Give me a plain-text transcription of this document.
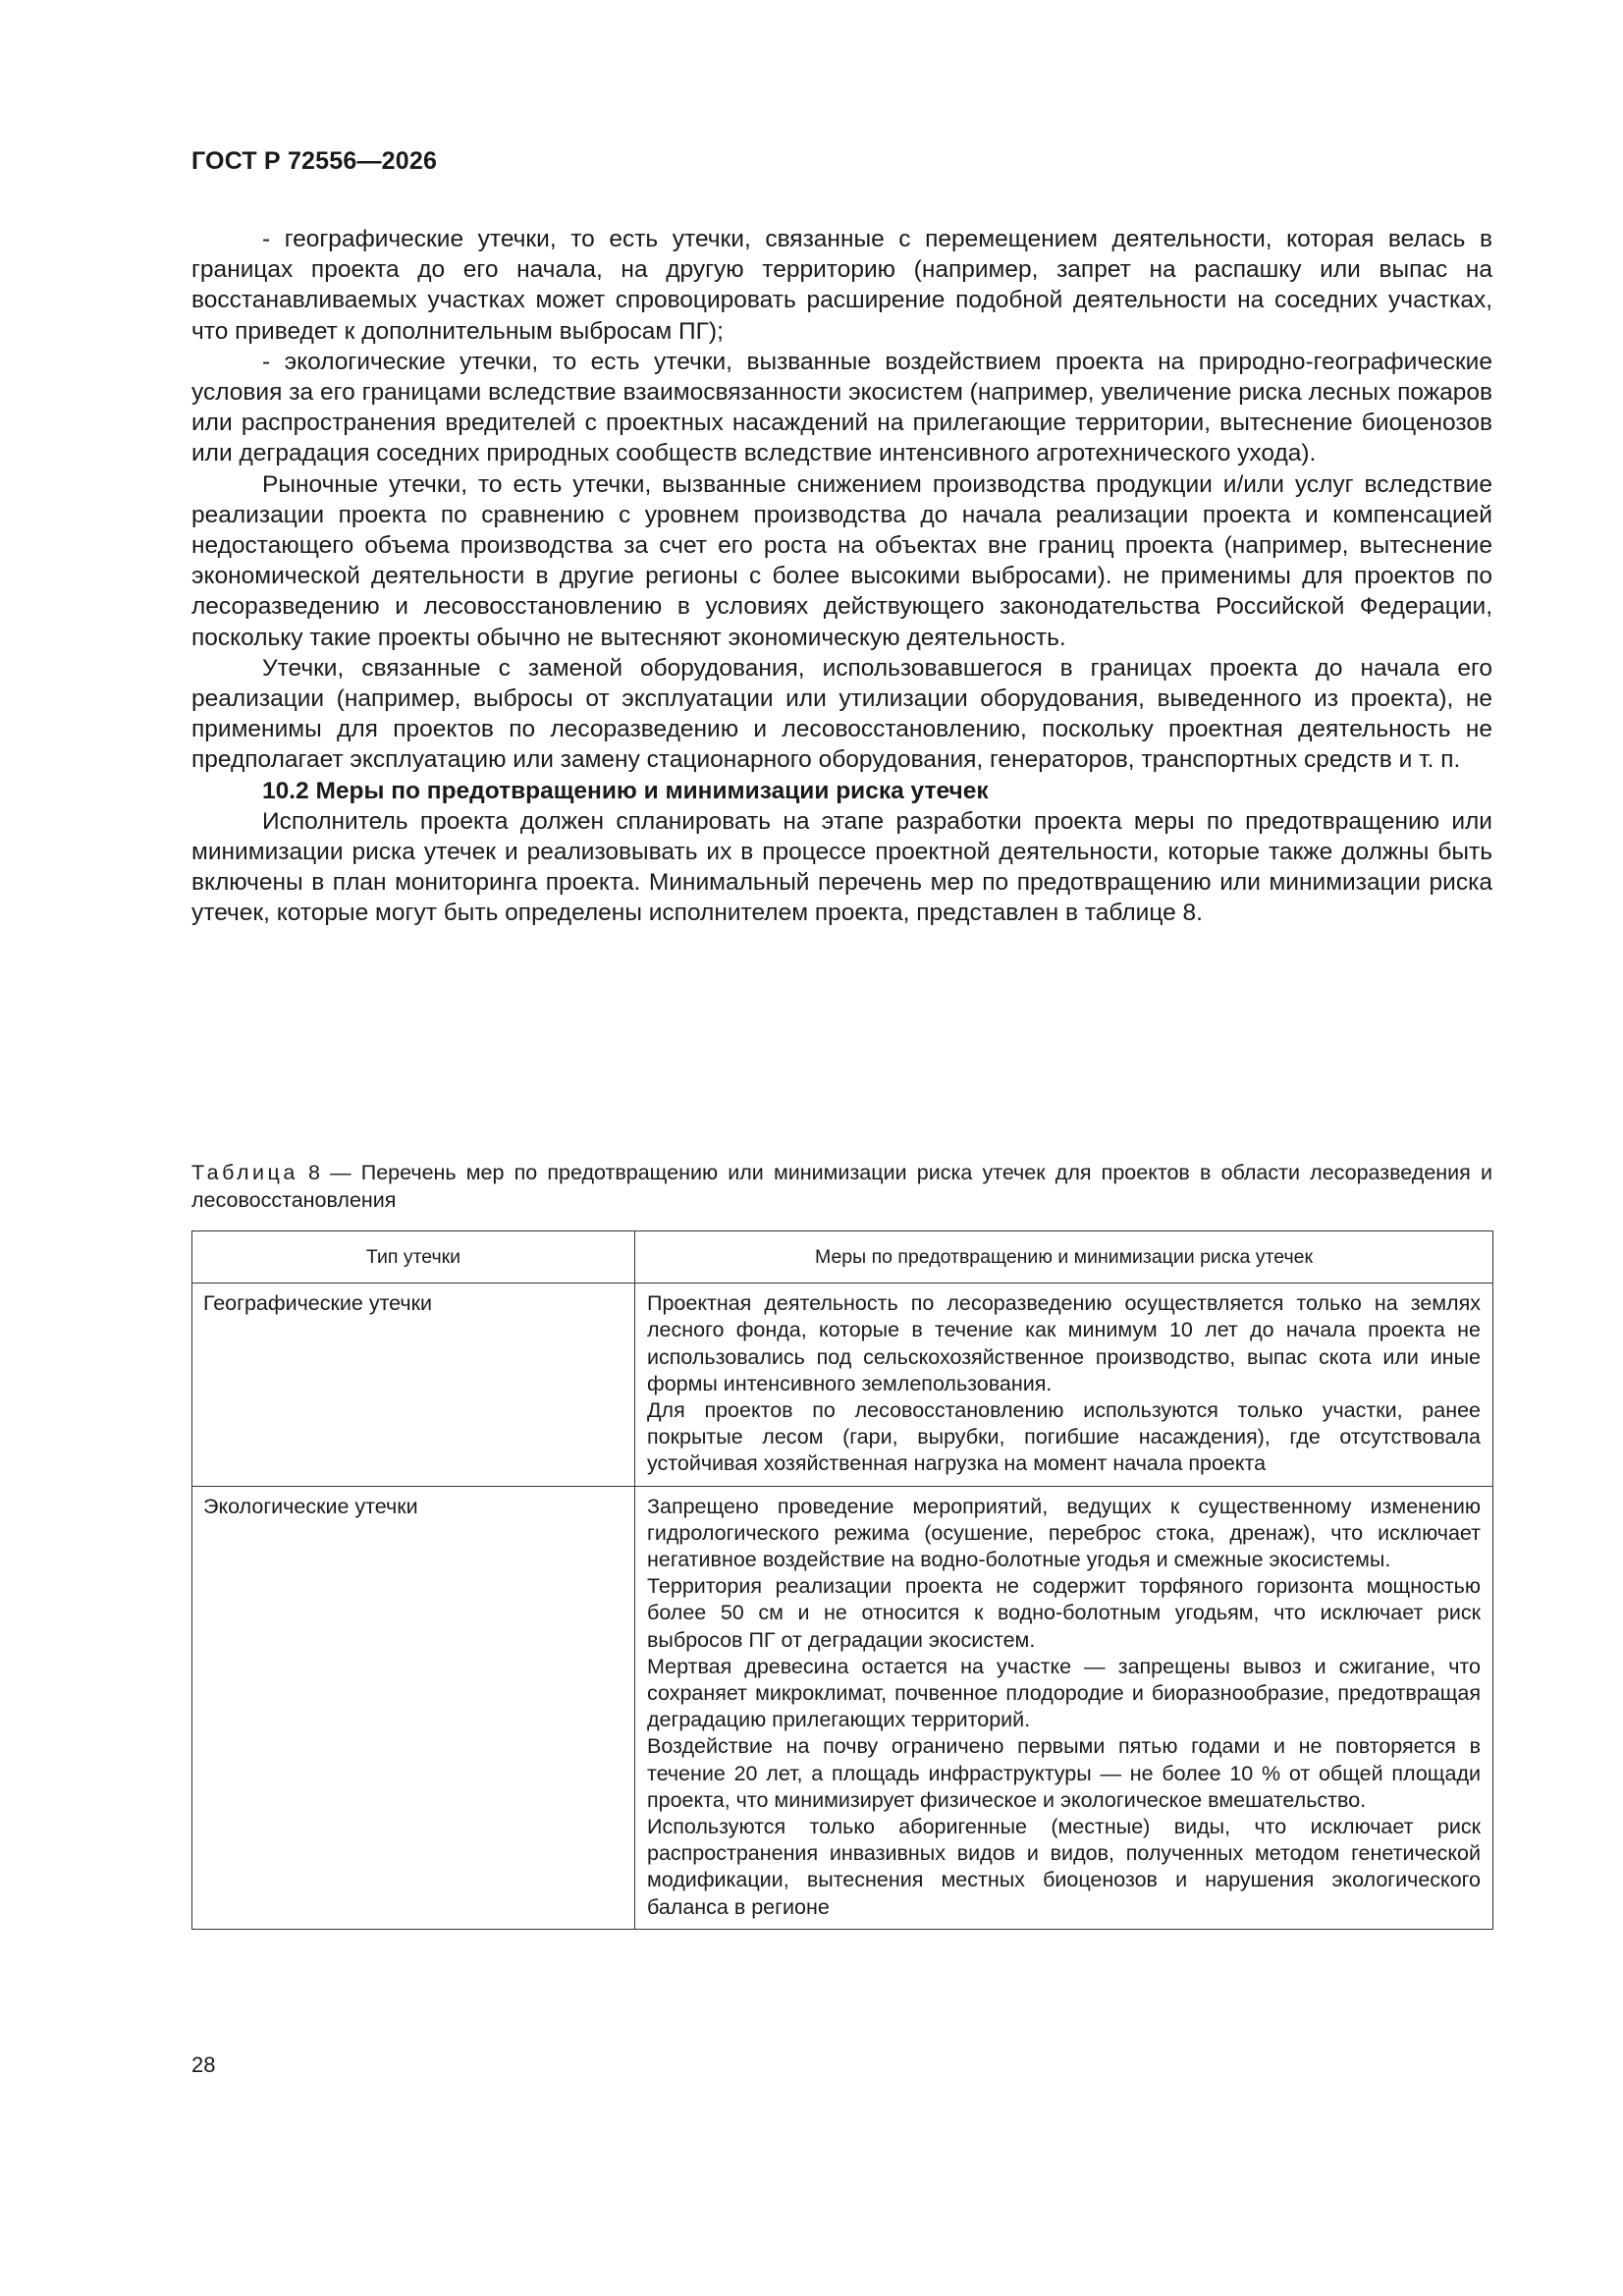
ГОСТ Р 72556—2026

- географические утечки, то есть утечки, связанные с перемещением деятельности, которая велась в границах проекта до его начала, на другую территорию (например, запрет на распашку или выпас на восстанавливаемых участках может спровоцировать расширение подобной деятельности на соседних участках, что приведет к дополнительным выбросам ПГ);

- экологические утечки, то есть утечки, вызванные воздействием проекта на природно-географические условия за его границами вследствие взаимосвязанности экосистем (например, увеличение риска лесных пожаров или распространения вредителей с проектных насаждений на прилегающие территории, вытеснение биоценозов или деградация соседних природных сообществ вследствие интенсивного агротехнического ухода).

Рыночные утечки, то есть утечки, вызванные снижением производства продукции и/или услуг вследствие реализации проекта по сравнению с уровнем производства до начала реализации проекта и компенсацией недостающего объема производства за счет его роста на объектах вне границ проекта (например, вытеснение экономической деятельности в другие регионы с более высокими выбросами). не применимы для проектов по лесоразведению и лесовосстановлению в условиях действующего законодательства Российской Федерации, поскольку такие проекты обычно не вытесняют экономическую деятельность.

Утечки, связанные с заменой оборудования, использовавшегося в границах проекта до начала его реализации (например, выбросы от эксплуатации или утилизации оборудования, выведенного из проекта), не применимы для проектов по лесоразведению и лесовосстановлению, поскольку проектная деятельность не предполагает эксплуатацию или замену стационарного оборудования, генераторов, транспортных средств и т. п.

10.2 Меры по предотвращению и минимизации риска утечек

Исполнитель проекта должен спланировать на этапе разработки проекта меры по предотвращению или минимизации риска утечек и реализовывать их в процессе проектной деятельности, которые также должны быть включены в план мониторинга проекта. Минимальный перечень мер по предотвращению или минимизации риска утечек, которые могут быть определены исполнителем проекта, представлен в таблице 8.

Таблица 8 — Перечень мер по предотвращению или минимизации риска утечек для проектов в области лесоразведения и лесовосстановления
Тип утечки	Меры по предотвращению и минимизации риска утечек
Географические утечки	Проектная деятельность по лесоразведению осуществляется только на землях лесного фонда, которые в течение как минимум 10 лет до начала проекта не использовались под сельскохозяйственное производство, выпас скота или иные формы интенсивного землепользования.

Для проектов по лесовосстановлению используются только участки, ранее покрытые лесом (гари, вырубки, погибшие насаждения), где отсутствовала устойчивая хозяйственная нагрузка на момент начала проекта

Экологические утечки	Запрещено проведение мероприятий, ведущих к существенному изменению гидрологического режима (осушение, переброс стока, дренаж), что исключает негативное воздействие на водно-болотные угодья и смежные экосистемы.

Территория реализации проекта не содержит торфяного горизонта мощностью более 50 см и не относится к водно-болотным угодьям, что исключает риск выбросов ПГ от деградации экосистем.

Мертвая древесина остается на участке — запрещены вывоз и сжигание, что сохраняет микроклимат, почвенное плодородие и биоразнообразие, предотвращая деградацию прилегающих территорий.

Воздействие на почву ограничено первыми пятью годами и не повторяется в течение 20 лет, а площадь инфраструктуры — не более 10 % от общей площади проекта, что минимизирует физическое и экологическое вмешательство.

Используются только аборигенные (местные) виды, что исключает риск распространения инвазивных видов и видов, полученных методом генетической модификации, вытеснения местных биоценозов и нарушения экологического баланса в регионе

28
